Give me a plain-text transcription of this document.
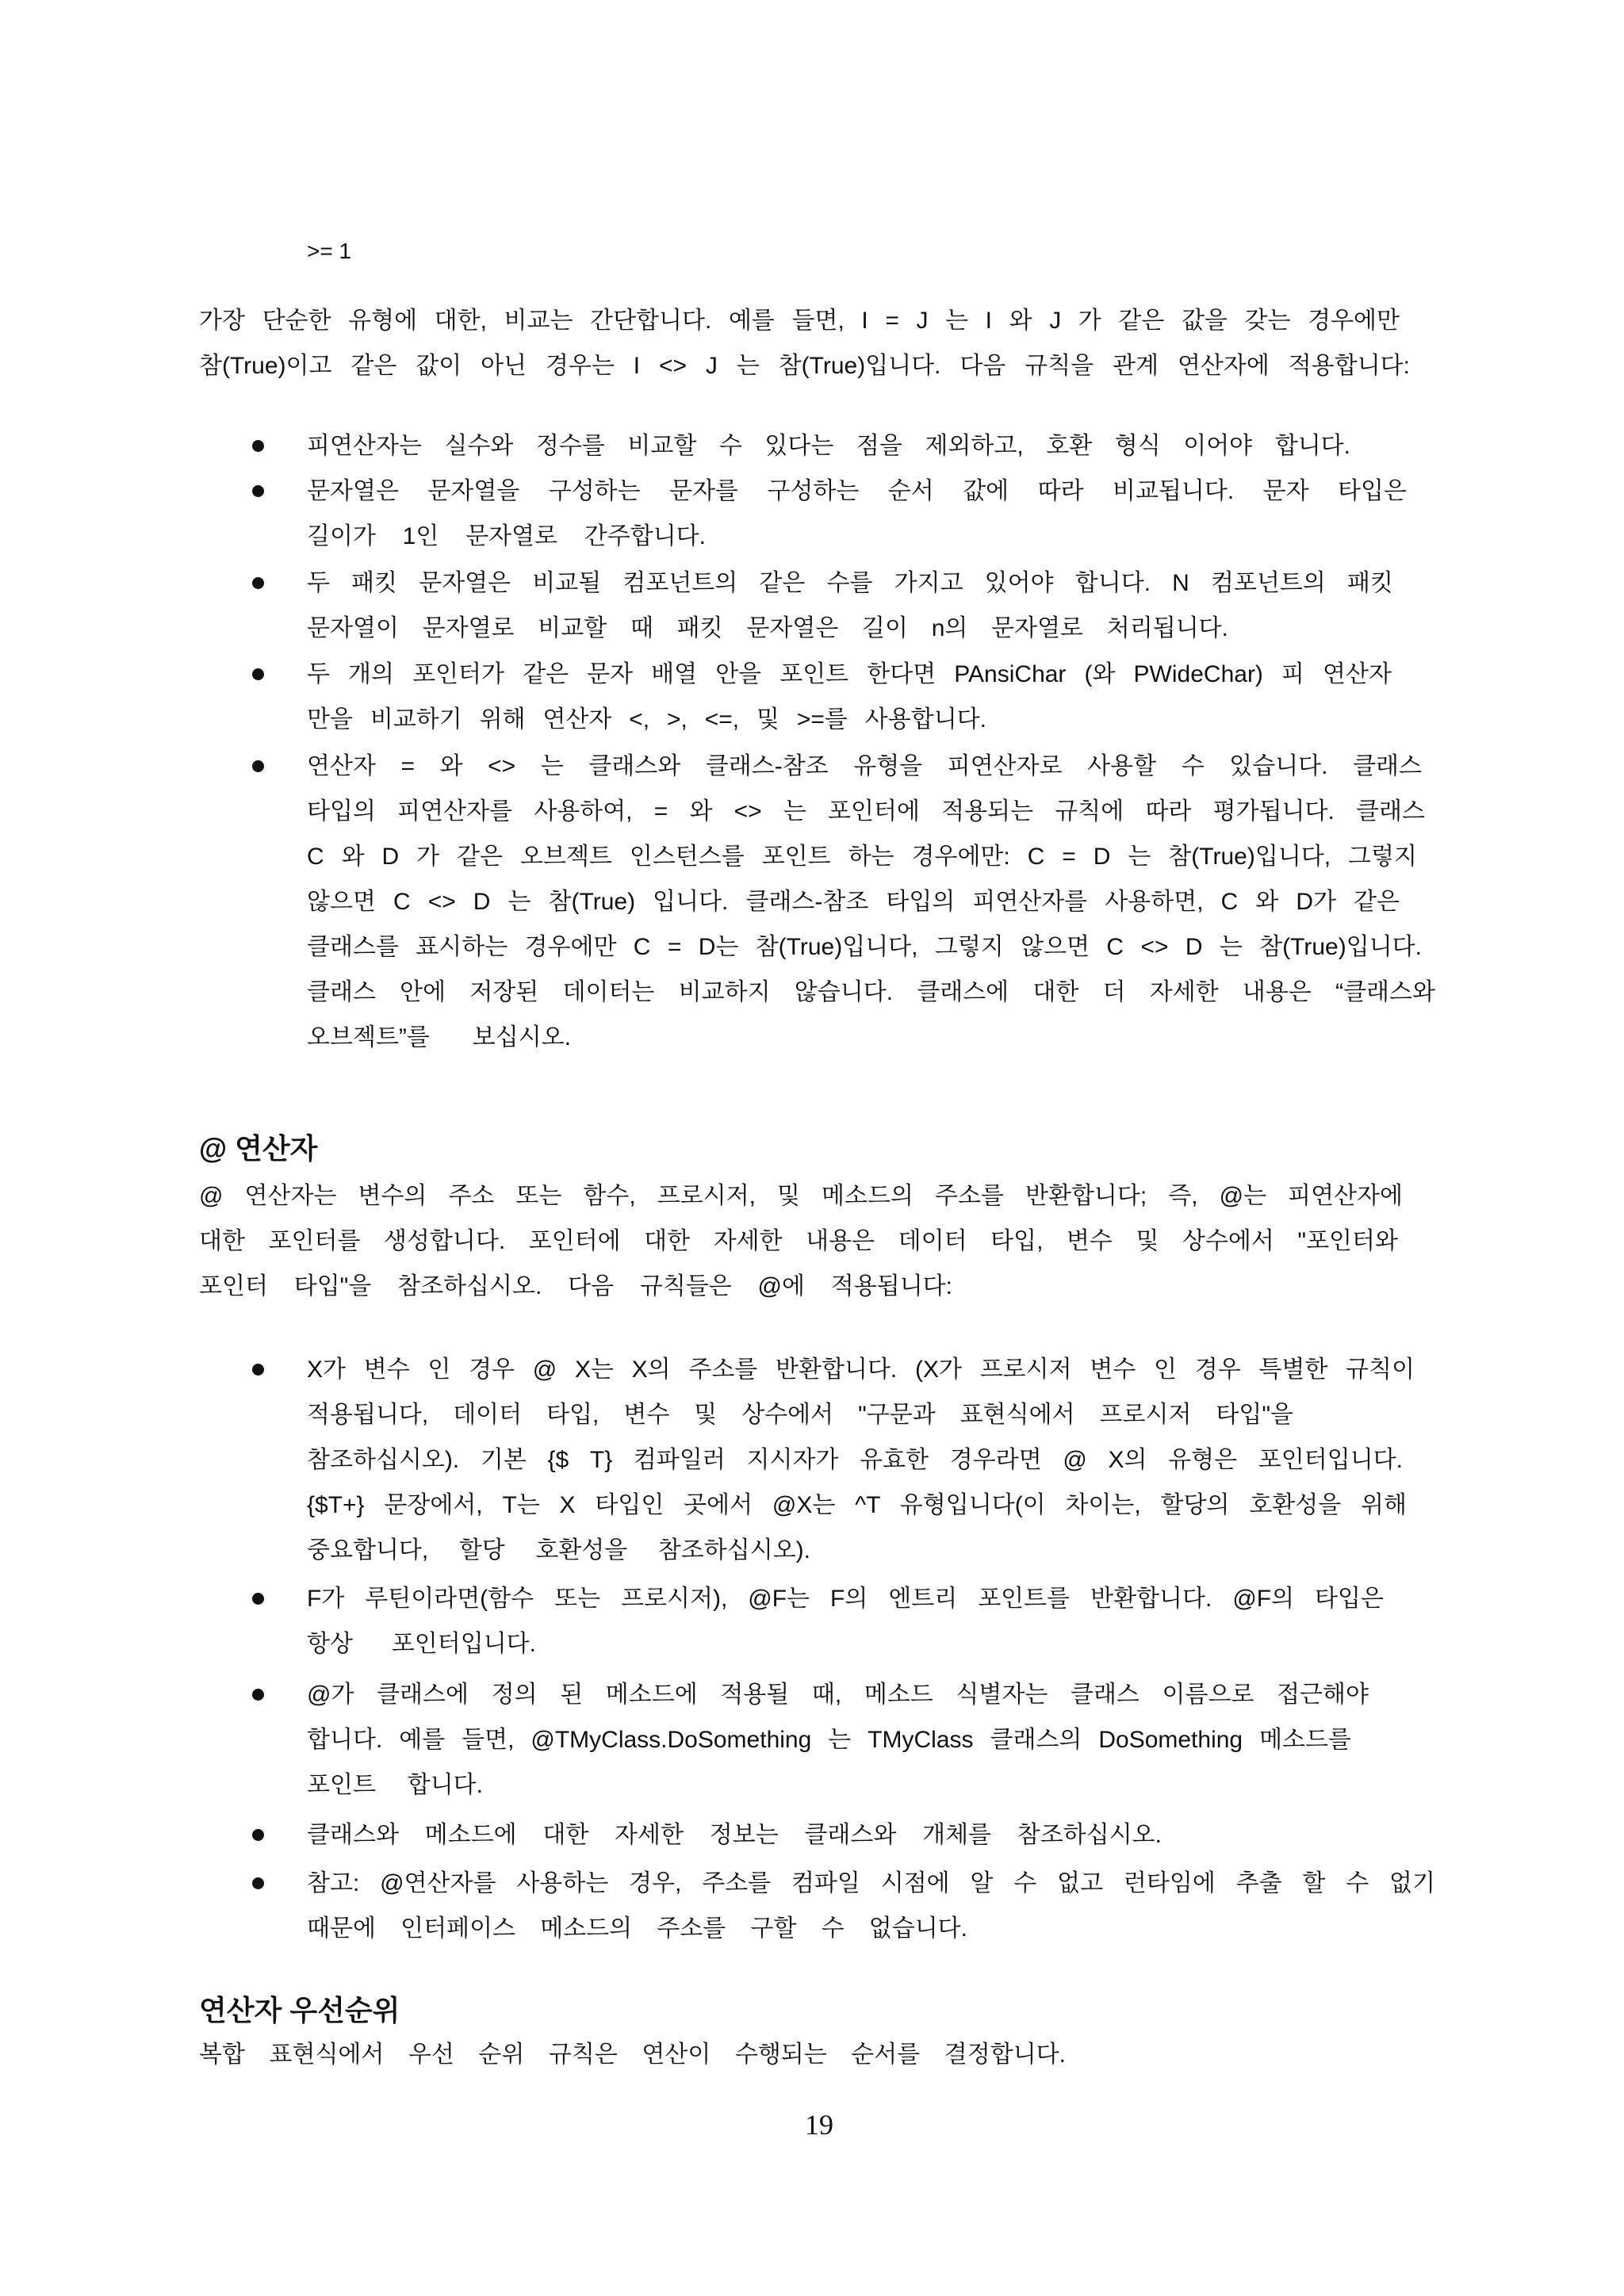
>= 1
가장 단순한 유형에 대한, 비교는 간단합니다. 예를 들면, I = J 는 I 와 J 가 같은 값을 갖는 경우에만
참(True)이고 같은 값이 아닌 경우는 I <> J 는 참(True)입니다. 다음 규칙을 관계 연산자에 적용합니다:
피연산자는 실수와 정수를 비교할 수 있다는 점을 제외하고, 호환 형식 이어야 합니다.
문자열은 문자열을 구성하는 문자를 구성하는 순서 값에 따라 비교됩니다. 문자 타입은
길이가 1인 문자열로 간주합니다.
두 패킷 문자열은 비교될 컴포넌트의 같은 수를 가지고 있어야 합니다. N 컴포넌트의 패킷
문자열이 문자열로 비교할 때 패킷 문자열은 길이 n의 문자열로 처리됩니다.
두 개의 포인터가 같은 문자 배열 안을 포인트 한다면 PAnsiChar (와 PWideChar) 피 연산자
만을 비교하기 위해 연산자 <, >, <=, 및 >=를 사용합니다.
연산자 = 와 <> 는 클래스와 클래스-참조 유형을 피연산자로 사용할 수 있습니다. 클래스
타입의 피연산자를 사용하여, = 와 <> 는 포인터에 적용되는 규칙에 따라 평가됩니다. 클래스
C 와 D 가 같은 오브젝트 인스턴스를 포인트 하는 경우에만: C = D 는 참(True)입니다, 그렇지
않으면 C <> D 는 참(True) 입니다. 클래스-참조 타입의 피연산자를 사용하면, C 와 D가 같은
클래스를 표시하는 경우에만 C = D는 참(True)입니다, 그렇지 않으면 C <> D 는 참(True)입니다.
클래스 안에 저장된 데이터는 비교하지 않습니다. 클래스에 대한 더 자세한 내용은 “클래스와
오브젝트”를 보십시오.
@ 연산자
@ 연산자는 변수의 주소 또는 함수, 프로시저, 및 메소드의 주소를 반환합니다; 즉, @는 피연산자에
대한 포인터를 생성합니다. 포인터에 대한 자세한 내용은 데이터 타입, 변수 및 상수에서 "포인터와
포인터 타입"을 참조하십시오. 다음 규칙들은 @에 적용됩니다:
X가 변수 인 경우 @ X는 X의 주소를 반환합니다. (X가 프로시저 변수 인 경우 특별한 규칙이
적용됩니다, 데이터 타입, 변수 및 상수에서 "구문과 표현식에서 프로시저 타입"을
참조하십시오). 기본 {$ T} 컴파일러 지시자가 유효한 경우라면 @ X의 유형은 포인터입니다.
{$T+} 문장에서, T는 X 타입인 곳에서 @X는 ^T 유형입니다(이 차이는, 할당의 호환성을 위해
중요합니다, 할당 호환성을 참조하십시오).
F가 루틴이라면(함수 또는 프로시저), @F는 F의 엔트리 포인트를 반환합니다. @F의 타입은
항상 포인터입니다.
@가 클래스에 정의 된 메소드에 적용될 때, 메소드 식별자는 클래스 이름으로 접근해야
합니다. 예를 들면, @TMyClass.DoSomething 는 TMyClass 클래스의 DoSomething 메소드를
포인트 합니다.
클래스와 메소드에 대한 자세한 정보는 클래스와 개체를 참조하십시오.
참고: @연산자를 사용하는 경우, 주소를 컴파일 시점에 알 수 없고 런타임에 추출 할 수 없기
때문에 인터페이스 메소드의 주소를 구할 수 없습니다.
연산자 우선순위
복합 표현식에서 우선 순위 규칙은 연산이 수행되는 순서를 결정합니다.
19
